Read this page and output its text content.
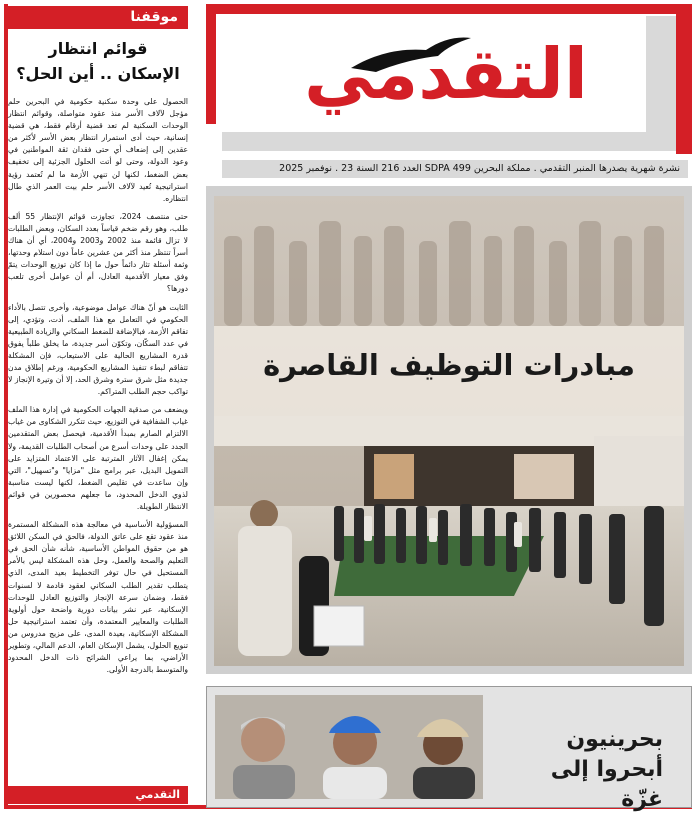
موقفنا
قوائم انتظار
الإسكان .. أين الحل؟

الحصول على وحدة سكنية حكومية في البحرين حلم مؤجل لآلاف الأسر منذ عقود متواصلة، وقوائم انتظار الوحدات السكنية لم تعد قضية أرقام فقط، هي قضية إنسانية، حيث أدى استمرار انتظار بعض الأسر لأكثر من عقدين إلى إضعاف أي حتى فقدان ثقة المواطنين في وعود الدولة، وحتى لو أتت الحلول الجزئية إلى تخفيف بعض الضغط، لكنها لن تنهي الأزمة ما لم تُعتمد رؤية استراتيجية تُعيد لآلاف الأسر حلم بيت العمر الذي طال انتظاره.

حتى منتصف 2024، تجاوزت قوائم الإنتظار 55 ألف طلب، وهو رقم ضخم قياساً بعدد السكان، وبعض الطلبات لا تزال قائمة منذ 2002 و2003 و2004، أي أن هناك أسراً تنتظر منذ أكثر من عشرين عاماً دون استلام وحدتها، وثمة أسئلة تثار دائماً حول ما إذا كان توزيع الوحدات يتمّ وفق معيار الأقدمية العادل، أم أن عوامل أخرى تلعب دورها؟

الثابت هو أنّ هناك عوامل موضوعية، وأخرى تتصل بالأداء الحكومي في التعامل مع هذا الملف، أدت، وتؤدي، إلى تفاقم الأزمة، فبالإضافة للضغط السكاني والزيادة الطبيعية في عدد السكّان، وتكوّن أسر جديدة، ما يخلق طلباً يفوق قدرة المشاريع الحالية على الاستيعاب، فإن المشكلة تتفاقم لبطء تنفيذ المشاريع الحكومية، ورغم إطلاق مدن جديدة مثل شرق سترة وشرق الحد، إلا أن وتيرة الإنجاز لا تواكب حجم الطلب المتراكم.

ويضعف من صدقية الجهات الحكومية في إدارة هذا الملف غياب الشفافية في التوزيع، حيث تتكرر الشكاوى من غياب الالتزام الصارم بمبدأ الأقدمية، فيحصل بعض المتقدمين الجدد على وحدات أسرع من أصحاب الطلبات القديمة، ولا يمكن إغفال الآثار المترتبة على الاعتماد المتزايد على التمويل البديل، عبر برامج مثل "مزايا" و"تسهيل"، التي وإن ساعدت في تقليص الضغط، لكنها ليست مناسبة لذوي الدخل المحدود، ما جعلهم محصورين في قوائم الانتظار الطويلة.

المسؤولية الأساسية في معالجة هذه المشكلة المستمرة منذ عقود تقع على عاتق الدولة، فالحق في السكن اللائق هو من حقوق المواطن الأساسية، شأنه شأن الحق في التعليم والصحة والعمل، وحل هذه المشكلة ليس بالأمر المستحيل في حال توفر التخطيط بعيد المدى، الذي يتطلب تقدير الطلب السكاني لعقود قادمة لا لسنوات فقط، وضمان سرعة الإنجاز والتوزيع العادل للوحدات الإسكانية، عبر نشر بيانات دورية واضحة حول أولوية الطلبات والمعايير المعتمدة، وأن تعتمد استراتيجية حل المشكلة الإسكانية، بعيدة المدى، على مزيج مدروس من تنويع الحلول، يشمل الإسكان العام، الدعم المالي، وتطوير الأراضي، بما يراعي الشرائح ذات الدخل المحدود والمتوسط بالدرجة الأولى.

التقدمي
التقدمي
نشرة شهرية يصدرها المنبر التقدمي . مملكة البحرين SDPA 499 العدد 216 السنة 23 . نوفمبر 2025
مبادرات التوظيف القاصرة
بحرينيون
أبحروا إلى غزّة
